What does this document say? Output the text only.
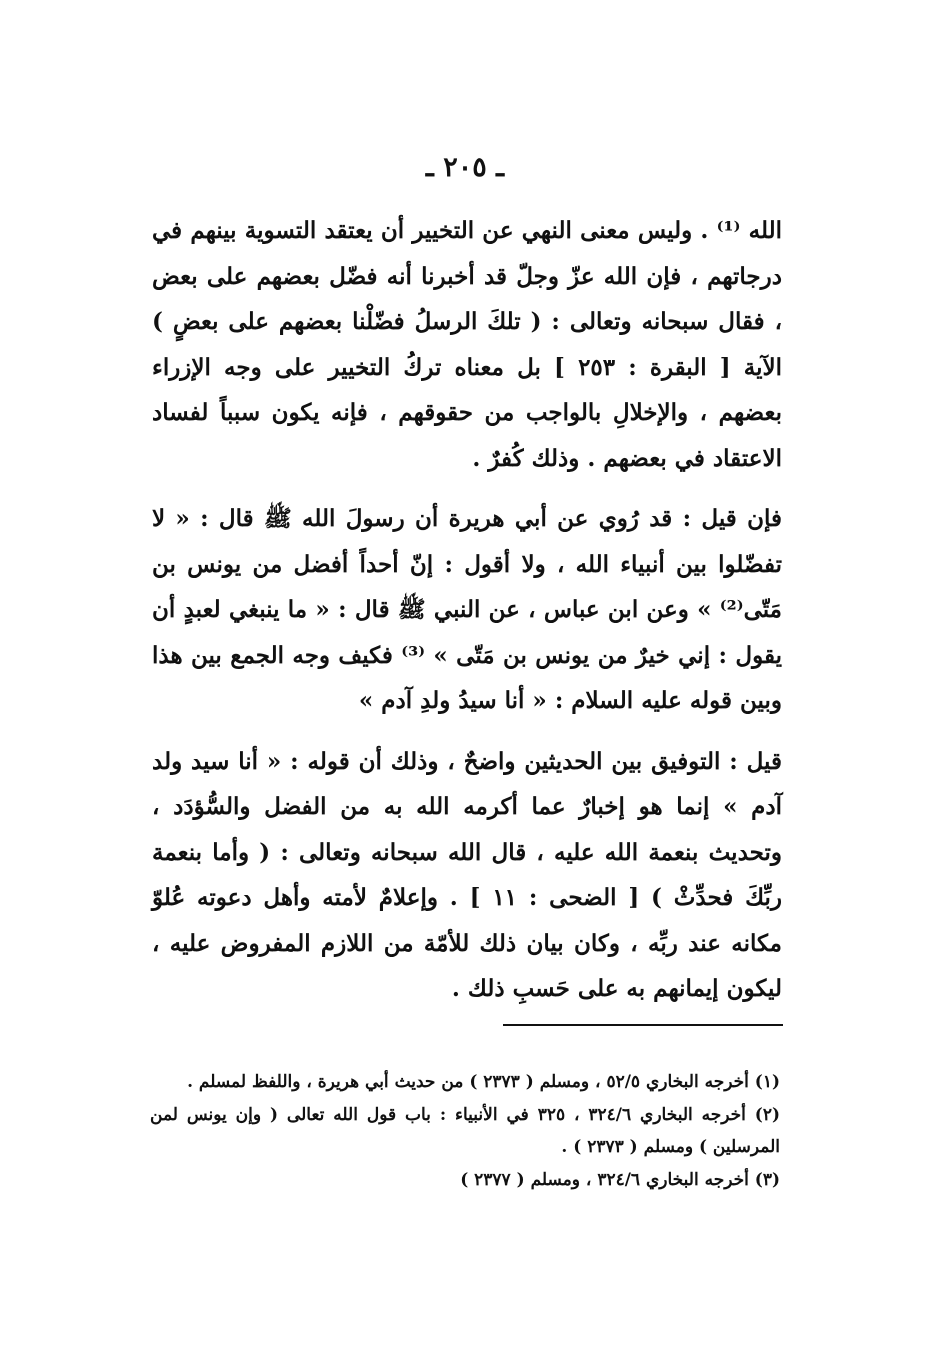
ـ ٢٠٥ ـ

الله ⁽¹⁾ . وليس معنى النهي عن التخيير أن يعتقد التسوية بينهم في درجاتهم ، فإن الله عزّ وجلّ قد أخبرنا أنه فضّل بعضهم على بعض ، فقال سبحانه وتعالى : ( تلكَ الرسلُ فضّلْنا بعضهم على بعضٍ ) الآية [ البقرة : ٢٥٣ ] بل معناه تركُ التخيير على وجه الإزراء بعضهم ، والإخلالِ بالواجب من حقوقهم ، فإنه يكون سبباً لفساد الاعتقاد في بعضهم . وذلك كُفرٌ .

فإن قيل : قد رُوي عن أبي هريرة أن رسولَ الله ﷺ قال : « لا تفضّلوا بين أنبياء الله ، ولا أقول : إنّ أحداً أفضل من يونس بن مَتّى⁽²⁾ » وعن ابن عباس ، عن النبي ﷺ قال : « ما ينبغي لعبدٍ أن يقول : إني خيرٌ من يونس بن مَتّى » ⁽³⁾ فكيف وجه الجمع بين هذا وبين قوله عليه السلام : « أنا سيدُ ولدِ آدم »

قيل : التوفيق بين الحديثين واضحٌ ، وذلك أن قوله : « أنا سيد ولد آدم » إنما هو إخبارٌ عما أكرمه الله به من الفضل والسُّؤدَد ، وتحديث بنعمة الله عليه ، قال الله سبحانه وتعالى : ( وأما بنعمة ربِّكَ فحدِّثْ ) [ الضحى : ١١ ] . وإعلامٌ لأمته وأهل دعوته عُلوّ مكانه عند ربِّه ، وكان بيان ذلك للأمّة من اللازم المفروض عليه ، ليكون إيمانهم به على حَسبِ ذلك .

(١) أخرجه البخاري ٥٢/٥ ، ومسلم ( ٢٣٧٣ ) من حديث أبي هريرة ، واللفظ لمسلم .

(٢) أخرجه البخاري ٣٢٤/٦ ، ٣٢٥ في الأنبياء : باب قول الله تعالى ( وإن يونس لمن المرسلين ) ومسلم ( ٢٣٧٣ ) .

(٣) أخرجه البخاري ٣٢٤/٦ ، ومسلم ( ٢٣٧٧ )
